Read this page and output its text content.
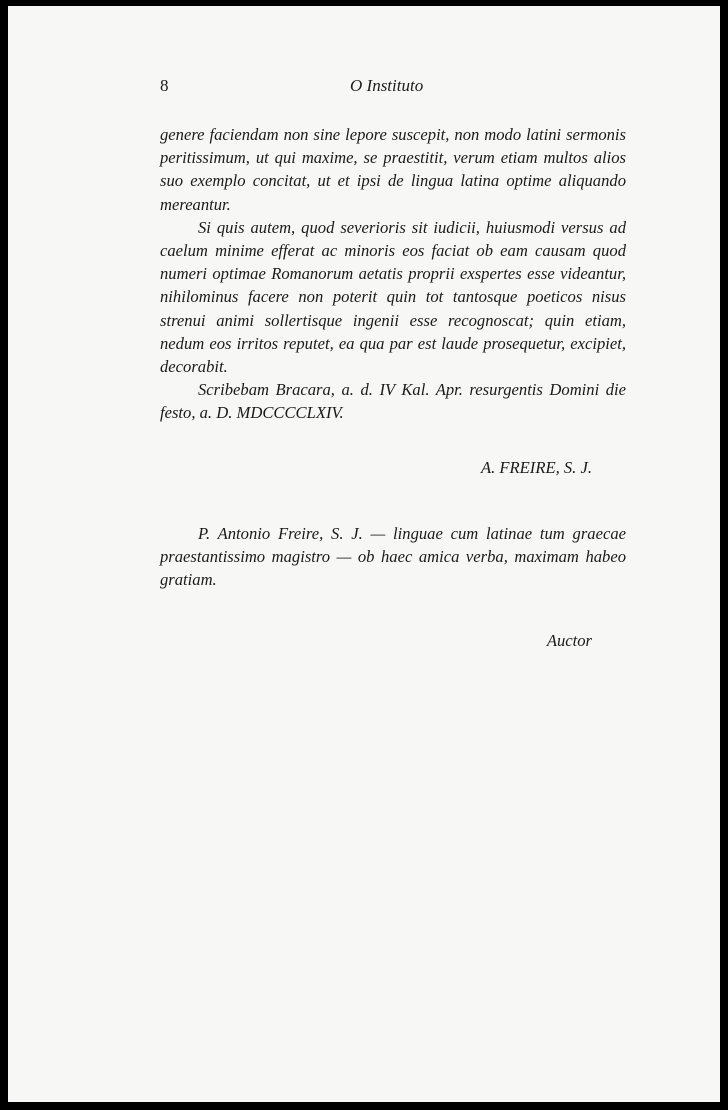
8	O Instituto

genere faciendam non sine lepore suscepit, non modo latini sermonis peritissimum, ut qui maxime, se praestitit, verum etiam multos alios suo exemplo concitat, ut et ipsi de lingua latina optime aliquando mereantur.

Si quis autem, quod severioris sit iudicii, huiusmodi versus ad caelum minime efferat ac minoris eos faciat ob eam causam quod numeri optimae Romanorum aetatis proprii exspertes esse videantur, nihilominus facere non poterit quin tot tantosque poeticos nisus strenui animi sollertisque ingenii esse recognoscat; quin etiam, nedum eos irritos reputet, ea qua par est laude prosequetur, excipiet, decorabit.

Scribebam Bracara, a. d. IV Kal. Apr. resurgentis Domini die festo, a. D. MDCCCCLXIV.

A. FREIRE, S. J.

P. Antonio Freire, S. J. — linguae cum latinae tum graecae praestantissimo magistro — ob haec amica verba, maximam habeo gratiam.

Auctor
